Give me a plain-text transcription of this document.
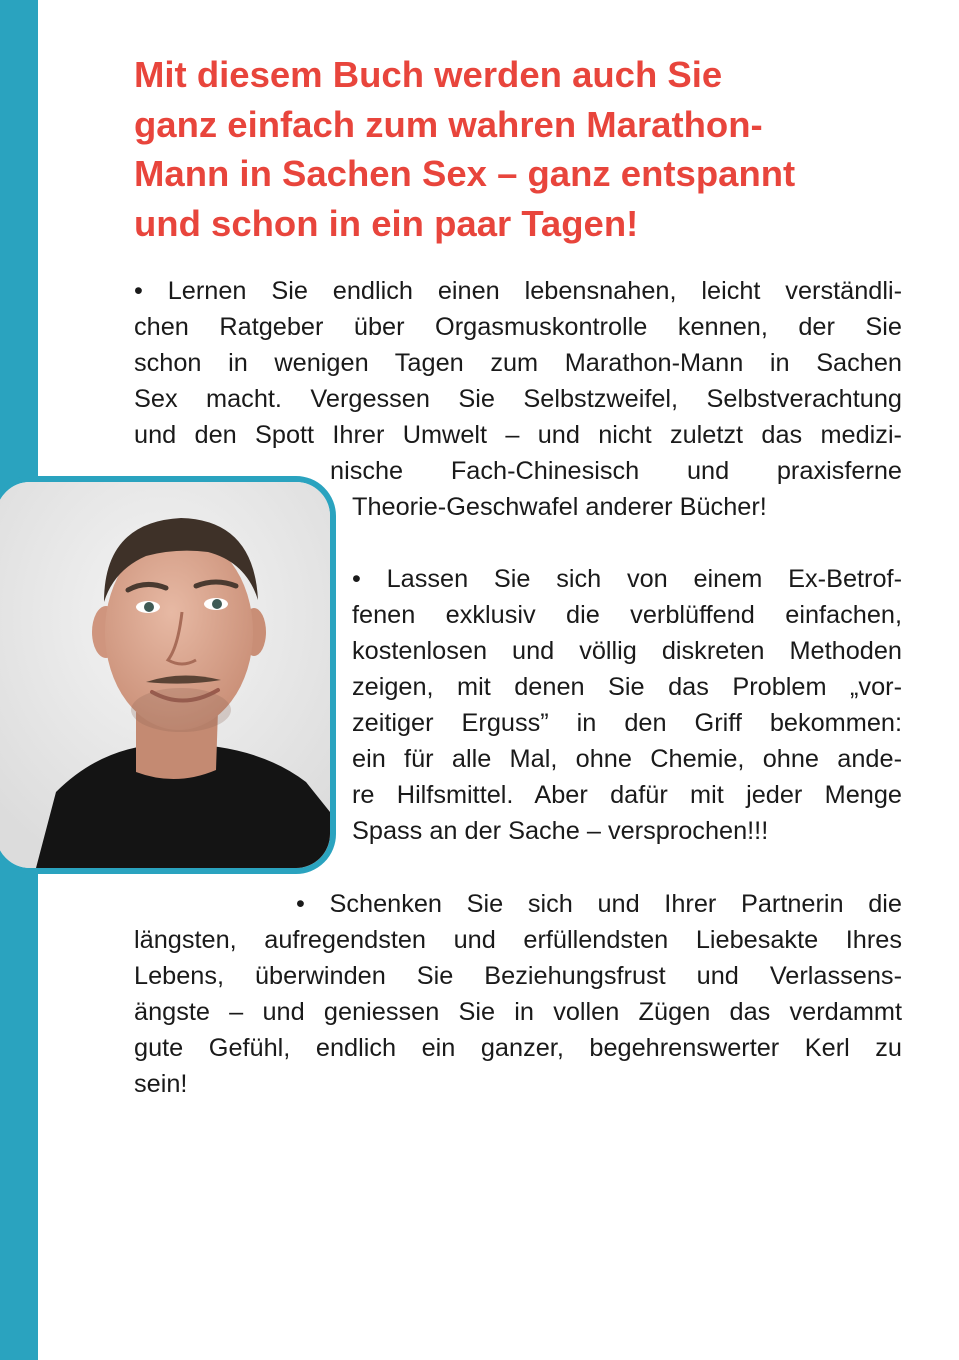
Mit diesem Buch werden auch Sie
ganz einfach zum wahren Marathon-
Mann in Sachen Sex – ganz entspannt
und schon in ein paar Tagen!

• Lernen Sie endlich einen lebensnahen, leicht verständli-
chen Ratgeber über Orgasmuskontrolle kennen, der Sie
schon in wenigen Tagen zum Marathon-Mann in Sachen
Sex macht. Vergessen Sie Selbstzweifel, Selbstverachtung
und den Spott Ihrer Umwelt – und nicht zuletzt das medizi-
nische Fach-Chinesisch und praxisferne
Theorie-Geschwafel anderer Bücher!

• Lassen Sie sich von einem Ex-Betrof-
fenen exklusiv die verblüffend einfachen,
kostenlosen und völlig diskreten Methoden
zeigen, mit denen Sie das Problem „vor-
zeitiger Erguss” in den Griff bekommen:
ein für alle Mal, ohne Chemie, ohne ande-
re Hilfsmittel. Aber dafür mit jeder Menge
Spass an der Sache – versprochen!!!

• Schenken Sie sich und Ihrer Partnerin die
längsten, aufregendsten und erfüllendsten Liebesakte Ihres
Lebens, überwinden Sie Beziehungsfrust und Verlassens-
ängste – und geniessen Sie in vollen Zügen das verdammt
gute Gefühl, endlich ein ganzer, begehrenswerter Kerl zu
sein!
